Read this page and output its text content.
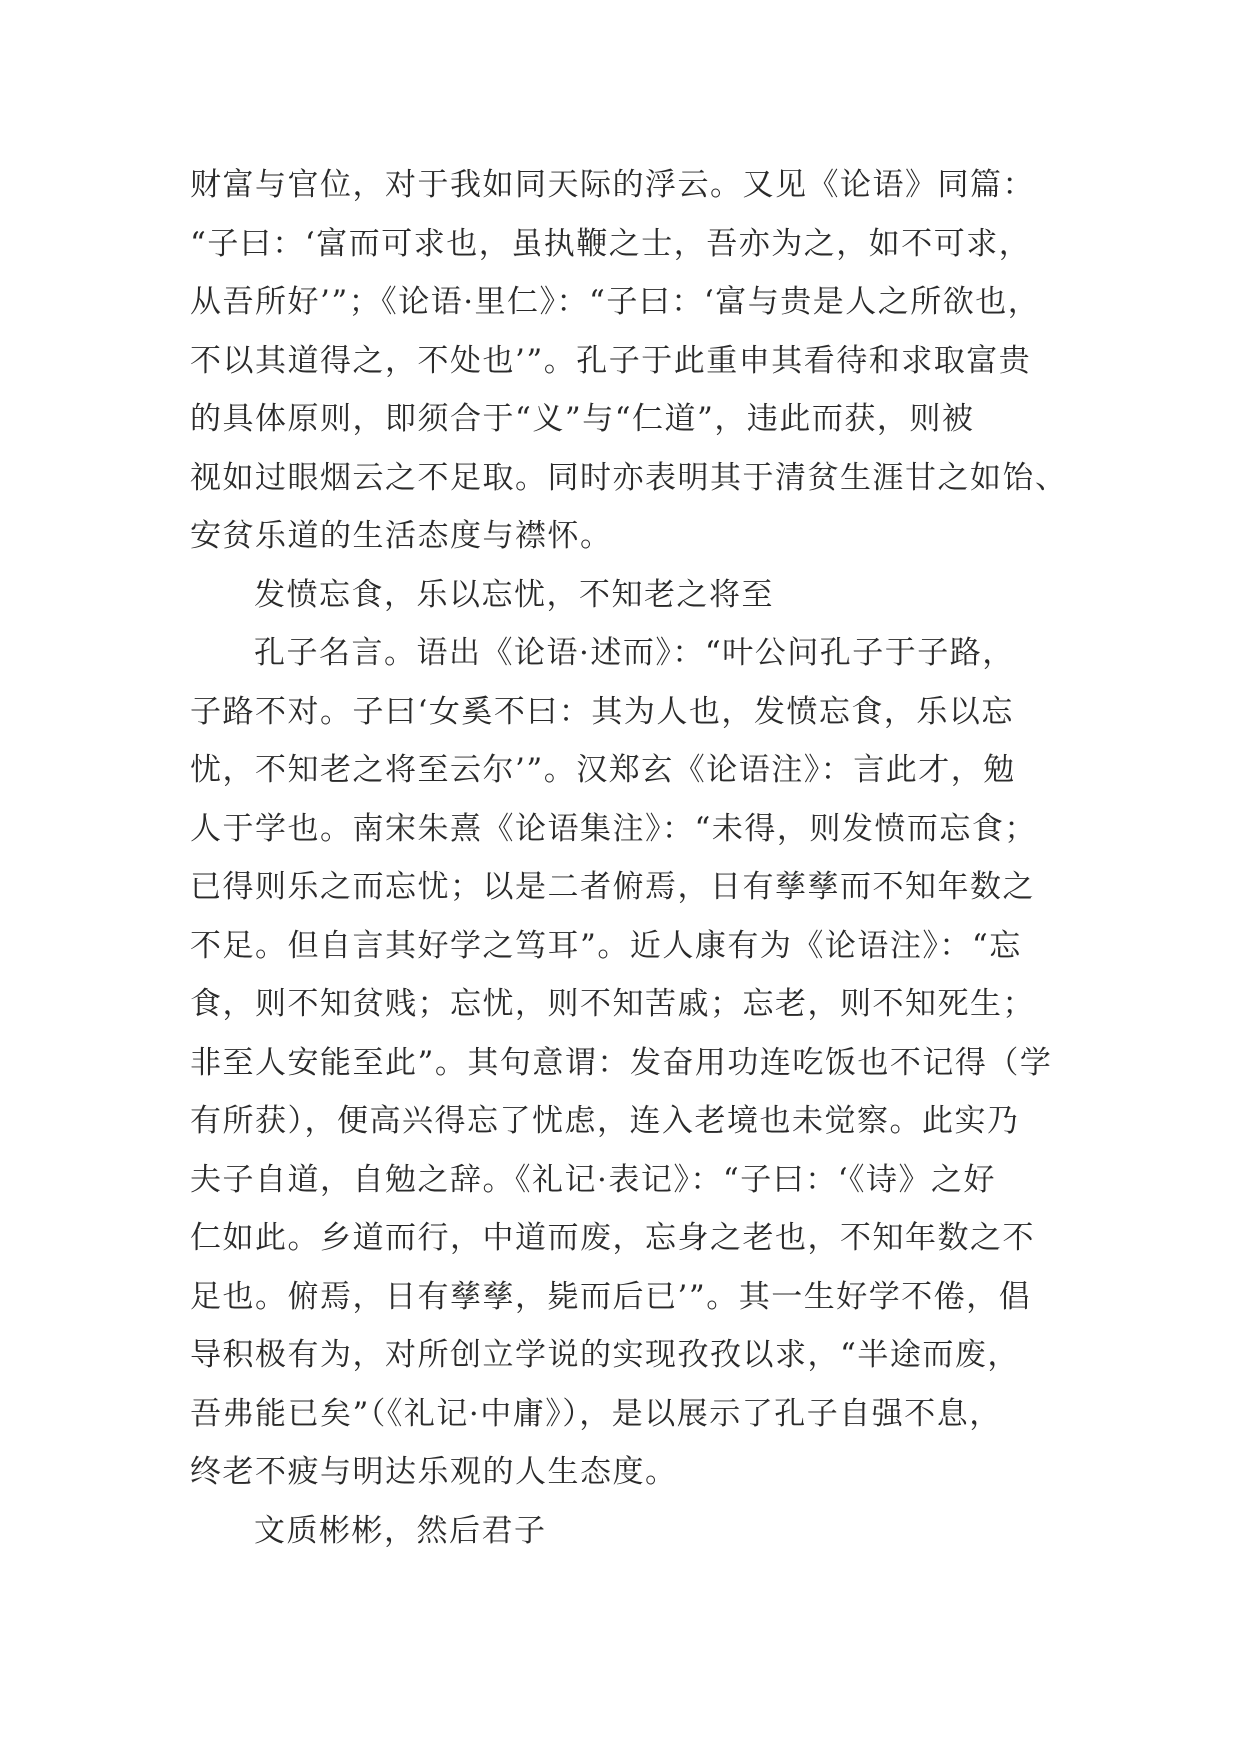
财富与官位，对于我如同天际的浮云。又见《论语》同篇：
“子曰：‘富而可求也，虽执鞭之士，吾亦为之，如不可求，
从吾所好’”；《论语·里仁》：“子曰：‘富与贵是人之所欲也，
不以其道得之，不处也’”。孔子于此重申其看待和求取富贵
的具体原则，即须合于“义”与“仁道”，违此而获，则被
视如过眼烟云之不足取。同时亦表明其于清贫生涯甘之如饴、
安贫乐道的生活态度与襟怀。
发愤忘食，乐以忘忧，不知老之将至
孔子名言。语出《论语·述而》：“叶公问孔子于子路，
子路不对。子曰‘女奚不曰：其为人也，发愤忘食，乐以忘
忧，不知老之将至云尔’”。汉郑玄《论语注》：言此才，勉
人于学也。南宋朱熹《论语集注》：“未得，则发愤而忘食；
已得则乐之而忘忧；以是二者俯焉，日有孳孳而不知年数之
不足。但自言其好学之笃耳”。近人康有为《论语注》：“忘
食，则不知贫贱；忘忧，则不知苦戚；忘老，则不知死生；
非至人安能至此”。其句意谓：发奋用功连吃饭也不记得（学
有所获），便高兴得忘了忧虑，连入老境也未觉察。此实乃
夫子自道，自勉之辞。《礼记·表记》：“子曰：‘《诗》之好
仁如此。乡道而行，中道而废，忘身之老也，不知年数之不
足也。俯焉，日有孳孳，毙而后已’”。其一生好学不倦，倡
导积极有为，对所创立学说的实现孜孜以求，“半途而废，
吾弗能已矣”（《礼记·中庸》），是以展示了孔子自强不息，
终老不疲与明达乐观的人生态度。
文质彬彬，然后君子
